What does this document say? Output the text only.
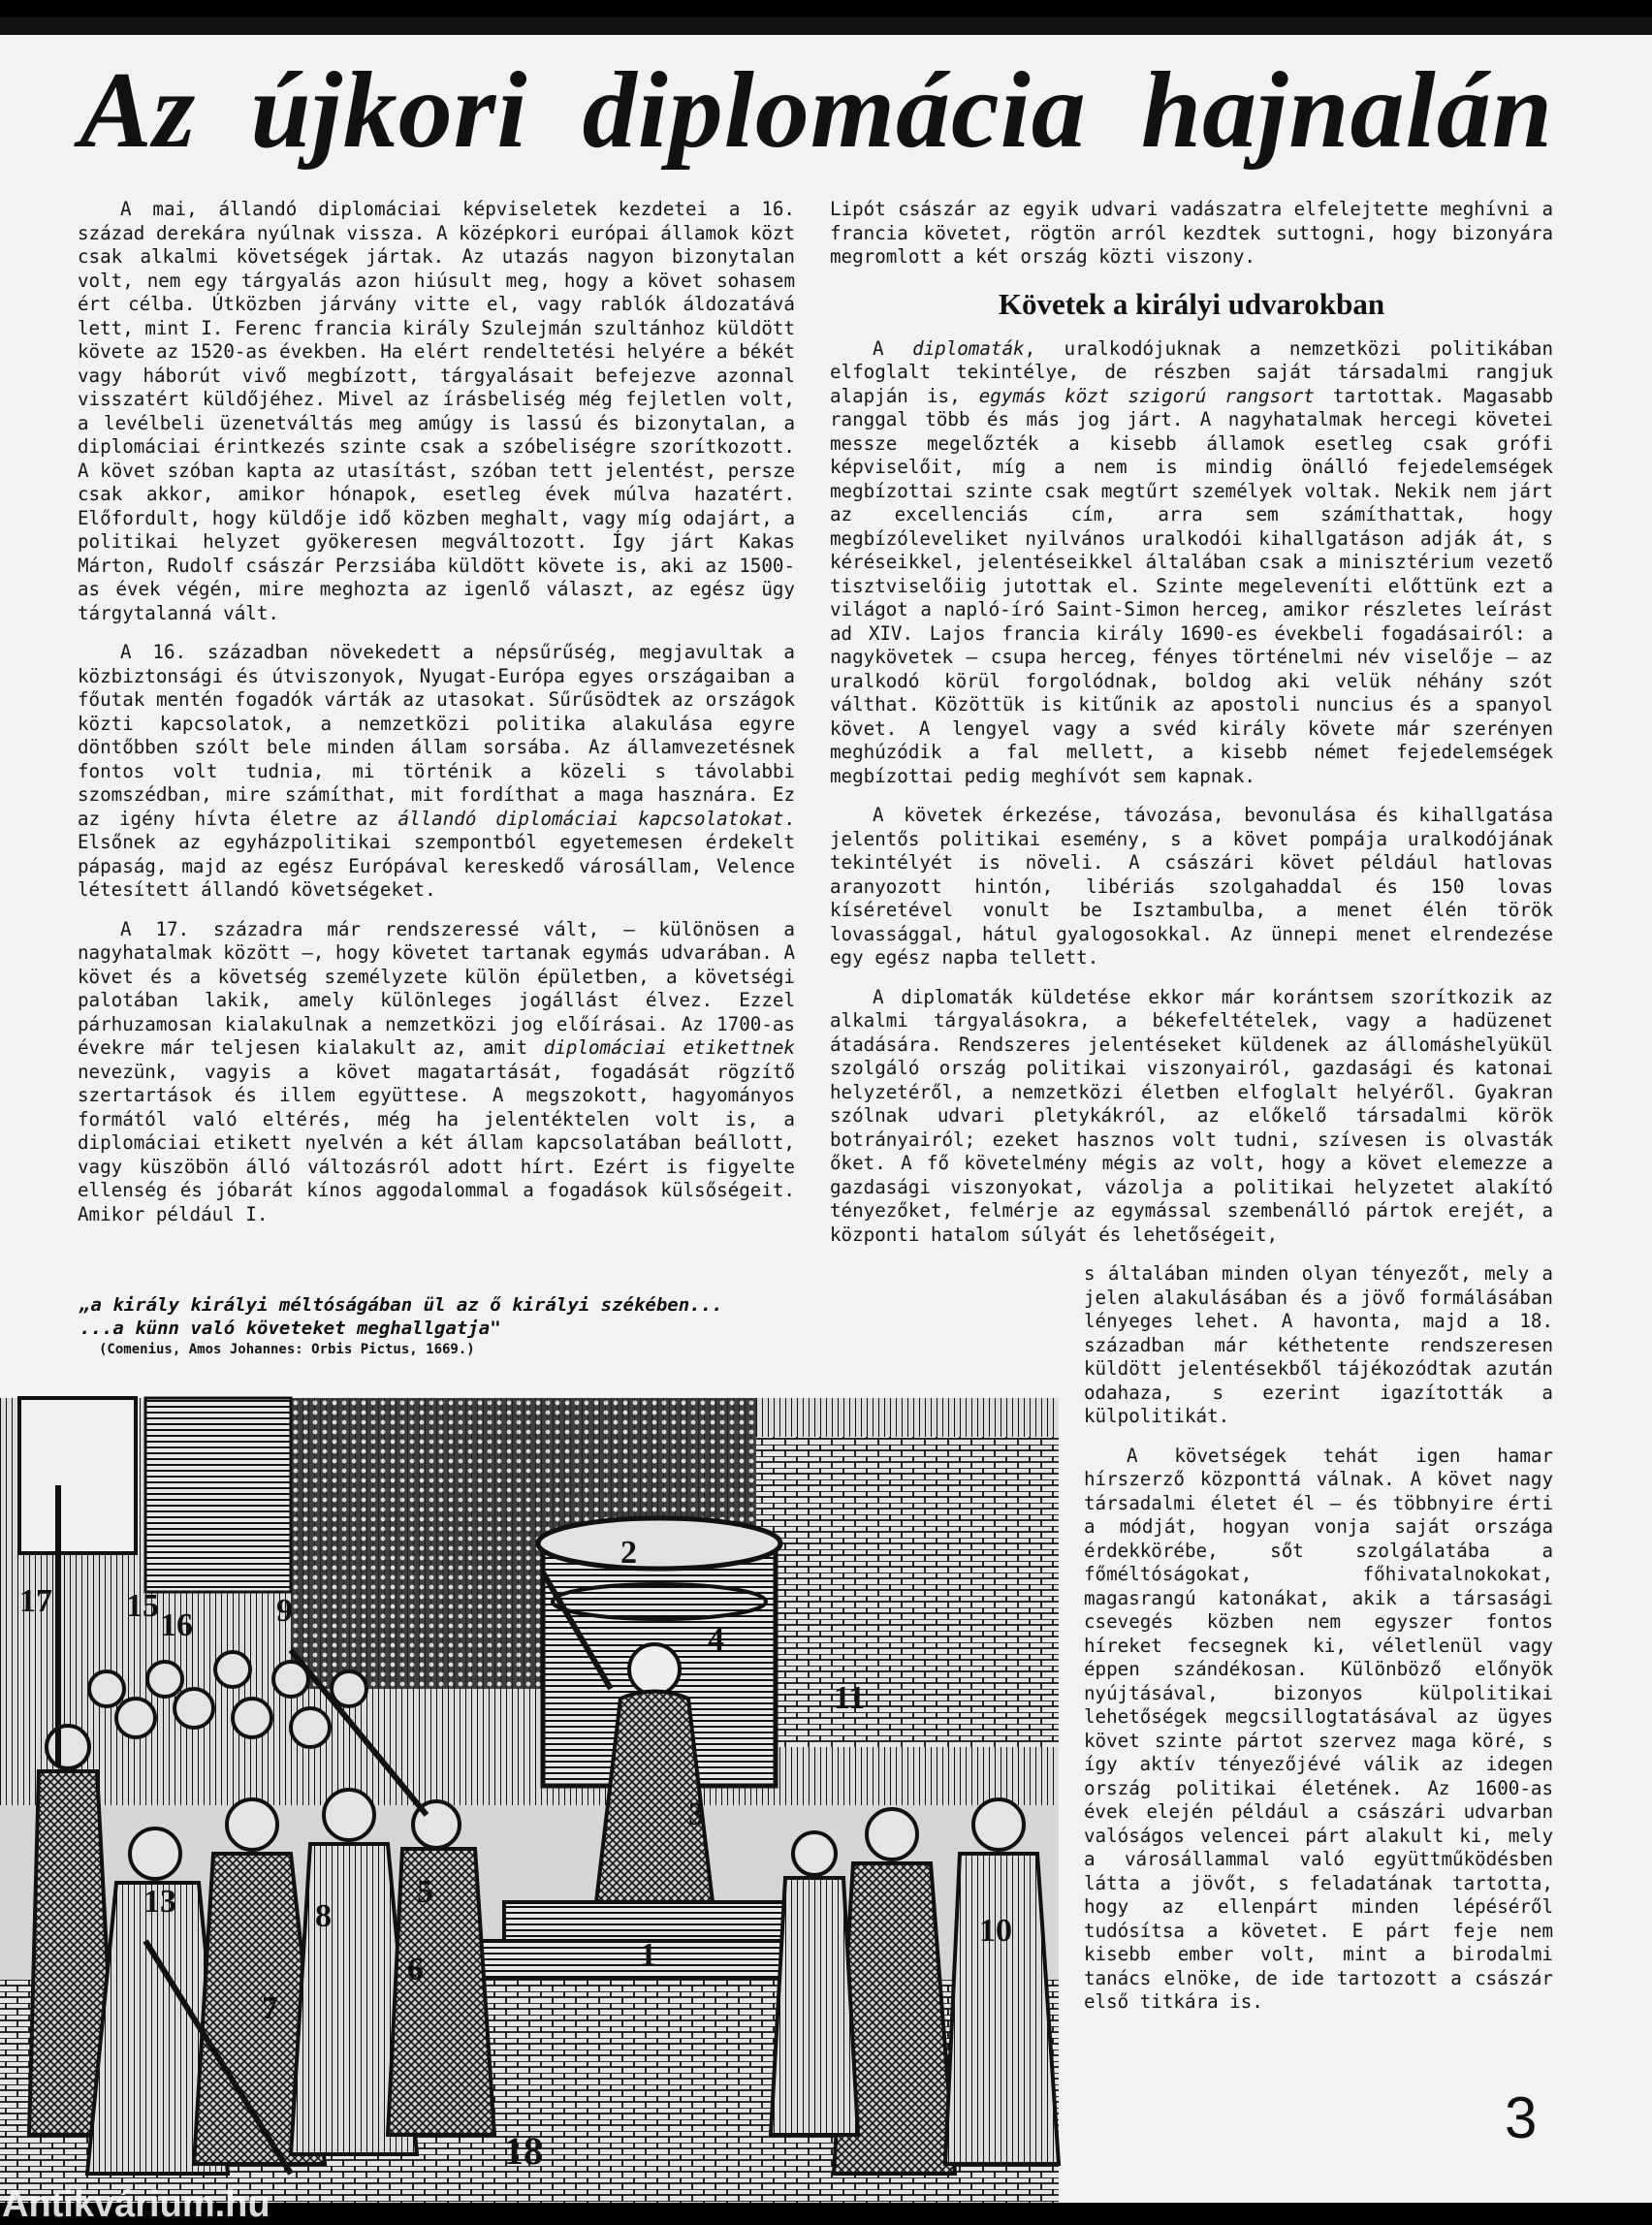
Az újkori diplomácia hajnalán

A mai, állandó diplomáciai képviseletek kezdetei a 16. század derekára nyúlnak vissza. A középkori európai államok közt csak alkalmi követségek jártak. Az utazás nagyon bizonytalan volt, nem egy tárgyalás azon hiúsult meg, hogy a követ sohasem ért célba. Útközben járvány vitte el, vagy rablók áldozatává lett, mint I. Ferenc francia király Szulejmán szultánhoz küldött követe az 1520-as években. Ha elért rendeltetési helyére a békét vagy háborút vivő megbízott, tárgyalásait befejezve azonnal visszatért küldőjéhez. Mivel az írásbeliség még fejletlen volt, a levélbeli üzenetváltás meg amúgy is lassú és bizonytalan, a diplomáciai érintkezés szinte csak a szóbeliségre szorítkozott. A követ szóban kapta az utasítást, szóban tett jelentést, persze csak akkor, amikor hónapok, esetleg évek múlva hazatért. Előfordult, hogy küldője idő közben meghalt, vagy míg odajárt, a politikai helyzet gyökeresen megváltozott. Így járt Kakas Márton, Rudolf császár Perzsiába küldött követe is, aki az 1500-as évek végén, mire meghozta az igenlő választ, az egész ügy tárgytalanná vált.

A 16. században növekedett a népsűrűség, megjavultak a közbiztonsági és útviszonyok, Nyugat-Európa egyes országaiban a főutak mentén fogadók várták az utasokat. Sűrűsödtek az országok közti kapcsolatok, a nemzetközi politika alakulása egyre döntőbben szólt bele minden állam sorsába. Az államvezetésnek fontos volt tudnia, mi történik a közeli s távolabbi szomszédban, mire számíthat, mit fordíthat a maga hasznára. Ez az igény hívta életre az állandó diplomáciai kapcsolatokat. Elsőnek az egyházpolitikai szempontból egyetemesen érdekelt pápaság, majd az egész Európával kereskedő városállam, Velence létesített állandó követségeket.

A 17. századra már rendszeressé vált, — különösen a nagyhatalmak között —, hogy követet tartanak egymás udvarában. A követ és a követség személyzete külön épületben, a követségi palotában lakik, amely különleges jogállást élvez. Ezzel párhuzamosan kialakulnak a nemzetközi jog előírásai. Az 1700-as évekre már teljesen kialakult az, amit diplomáciai etikettnek nevezünk, vagyis a követ magatartását, fogadását rögzítő szertartások és illem együttese. A megszokott, hagyományos formától való eltérés, még ha jelentéktelen volt is, a diplomáciai etikett nyelvén a két állam kapcsolatában beállott, vagy küszöbön álló változásról adott hírt. Ezért is figyelte ellenség és jóbarát kínos aggodalommal a fogadások külsőségeit. Amikor például I.

„a király királyi méltóságában ül az ő királyi székében...
...a künn való követeket meghallgatja"
(Comenius, Amos Johannes: Orbis Pictus, 1669.)

Lipót császár az egyik udvari vadászatra elfelejtette meghívni a francia követet, rögtön arról kezdtek suttogni, hogy bizonyára megromlott a két ország közti viszony.

Követek a királyi udvarokban

A diplomaták, uralkodójuknak a nemzetközi politikában elfoglalt tekintélye, de részben saját társadalmi rangjuk alapján is, egymás közt szigorú rangsort tartottak. Magasabb ranggal több és más jog járt. A nagyhatalmak hercegi követei messze megelőzték a kisebb államok esetleg csak grófi képviselőit, míg a nem is mindig önálló fejedelemségek megbízottai szinte csak megtűrt személyek voltak. Nekik nem járt az excellenciás cím, arra sem számíthattak, hogy megbízóleveliket nyilvános uralkodói kihallgatáson adják át, s kéréseikkel, jelentéseikkel általában csak a minisztérium vezető tisztviselőiig jutottak el. Szinte megeleveníti előttünk ezt a világot a napló-író Saint-Simon herceg, amikor részletes leírást ad XIV. Lajos francia király 1690-es évekbeli fogadásairól: a nagykövetek — csupa herceg, fényes történelmi név viselője — az uralkodó körül forgolódnak, boldog aki velük néhány szót válthat. Közöttük is kitűnik az apostoli nuncius és a spanyol követ. A lengyel vagy a svéd király követe már szerényen meghúzódik a fal mellett, a kisebb német fejedelemségek megbízottai pedig meghívót sem kapnak.

A követek érkezése, távozása, bevonulása és kihallgatása jelentős politikai esemény, s a követ pompája uralkodójának tekintélyét is növeli. A császári követ például hatlovas aranyozott hintón, libériás szolgahaddal és 150 lovas kíséretével vonult be Isztambulba, a menet élén török lovassággal, hátul gyalogosokkal. Az ünnepi menet elrendezése egy egész napba tellett.

A diplomaták küldetése ekkor már korántsem szorítkozik az alkalmi tárgyalásokra, a békefeltételek, vagy a hadüzenet átadására. Rendszeres jelentéseket küldenek az állomáshelyükül szolgáló ország politikai viszonyairól, gazdasági és katonai helyzetéről, a nemzetközi életben elfoglalt helyéről. Gyakran szólnak udvari pletykákról, az előkelő társadalmi körök botrányairól; ezeket hasznos volt tudni, szívesen is olvasták őket. A fő követelmény mégis az volt, hogy a követ elemezze a gazdasági viszonyokat, vázolja a politikai helyzetet alakító tényezőket, felmérje az egymással szembenálló pártok erejét, a központi hatalom súlyát és lehetőségeit,

s általában minden olyan tényezőt, mely a jelen alakulásában és a jövő formálásában lényeges lehet. A havonta, majd a 18. században már kéthetente rendszeresen küldött jelentésekből tájékozódtak azután odahaza, s ezerint igazították a külpolitikát.

A követségek tehát igen hamar hírszerző központtá válnak. A követ nagy társadalmi életet él — és többnyire érti a módját, hogyan vonja saját országa érdekkörébe, sőt szolgálatába a főméltóságokat, főhivatalnokokat, magasrangú katonákat, akik a társasági csevegés közben nem egyszer fontos híreket fecsegnek ki, véletlenül vagy éppen szándékosan. Különböző előnyök nyújtásával, bizonyos külpolitikai lehetőségek megcsillogtatásával az ügyes követ szinte pártot szervez maga köré, s így aktív tényezőjévé válik az idegen ország politikai életének. Az 1600-as évek elején például a császári udvarban valóságos velencei párt alakult ki, mely a városállammal való együttműködésben látta a jövőt, s feladatának tartotta, hogy az ellenpárt minden lépéséről tudósítsa a követet. E párt feje nem kisebb ember volt, mint a birodalmi tanács elnöke, de ide tartozott a császár első titkára is.

1
2
3
4
5
6
7
8
9
10
11
13
15
16
17
18
3
Antikvárium.hu
